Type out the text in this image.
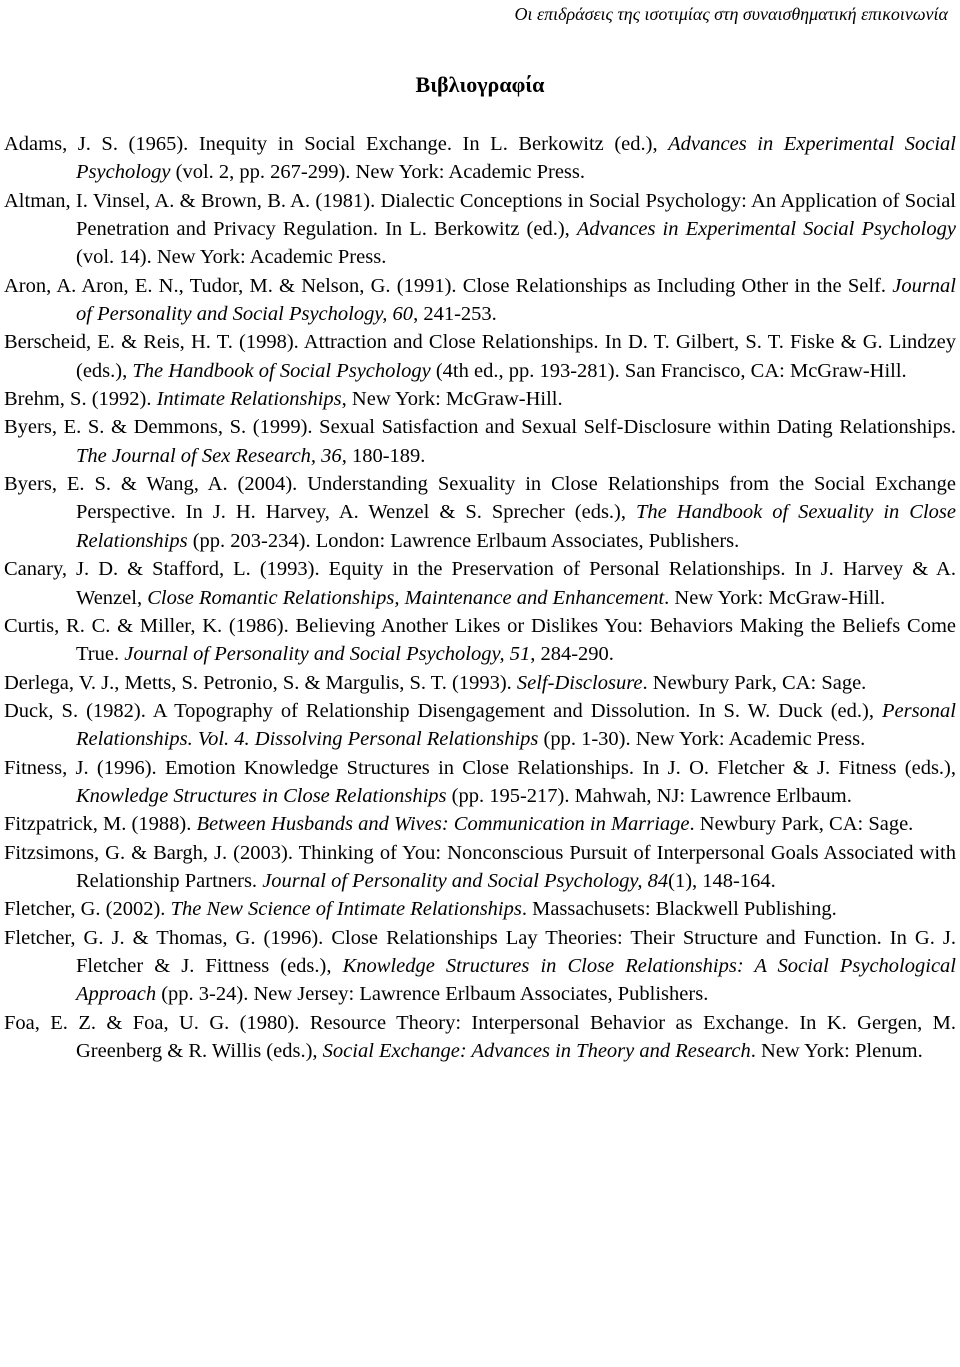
Οι επιδράσεις της ισοτιμίας στη συναισθηματική επικοινωνία
Βιβλιογραφία
Adams, J. S. (1965). Inequity in Social Exchange. In L. Berkowitz (ed.), Advances in Experimental Social Psychology (vol. 2, pp. 267-299). New York: Academic Press.
Altman, I. Vinsel, A. & Brown, B. A. (1981). Dialectic Conceptions in Social Psychology: An Application of Social Penetration and Privacy Regulation. In L. Berkowitz (ed.), Advances in Experimental Social Psychology (vol. 14). New York: Academic Press.
Aron, A. Aron, E. N., Tudor, M. & Nelson, G. (1991). Close Relationships as Including Other in the Self. Journal of Personality and Social Psychology, 60, 241-253.
Berscheid, E. & Reis, H. T. (1998). Attraction and Close Relationships. In D. T. Gilbert, S. T. Fiske & G. Lindzey (eds.), The Handbook of Social Psychology (4th ed., pp. 193-281). San Francisco, CA: McGraw-Hill.
Brehm, S. (1992). Intimate Relationships, New York: McGraw-Hill.
Byers, E. S. & Demmons, S. (1999). Sexual Satisfaction and Sexual Self-Disclosure within Dating Relationships. The Journal of Sex Research, 36, 180-189.
Byers, E. S. & Wang, A. (2004). Understanding Sexuality in Close Relationships from the Social Exchange Perspective. In J. H. Harvey, A. Wenzel & S. Sprecher (eds.), The Handbook of Sexuality in Close Relationships (pp. 203-234). London: Lawrence Erlbaum Associates, Publishers.
Canary, J. D. & Stafford, L. (1993). Equity in the Preservation of Personal Relationships. In J. Harvey & A. Wenzel, Close Romantic Relationships, Maintenance and Enhancement. New York: McGraw-Hill.
Curtis, R. C. & Miller, K. (1986). Believing Another Likes or Dislikes You: Behaviors Making the Beliefs Come True. Journal of Personality and Social Psychology, 51, 284-290.
Derlega, V. J., Metts, S. Petronio, S. & Margulis, S. T. (1993). Self-Disclosure. Newbury Park, CA: Sage.
Duck, S. (1982). A Topography of Relationship Disengagement and Dissolution. In S. W. Duck (ed.), Personal Relationships. Vol. 4. Dissolving Personal Relationships (pp. 1-30). New York: Academic Press.
Fitness, J. (1996). Emotion Knowledge Structures in Close Relationships. In J. O. Fletcher & J. Fitness (eds.), Knowledge Structures in Close Relationships (pp. 195-217). Mahwah, NJ: Lawrence Erlbaum.
Fitzpatrick, M. (1988). Between Husbands and Wives: Communication in Marriage. Newbury Park, CA: Sage.
Fitzsimons, G. & Bargh, J. (2003). Thinking of You: Nonconscious Pursuit of Interpersonal Goals Associated with Relationship Partners. Journal of Personality and Social Psychology, 84(1), 148-164.
Fletcher, G. (2002). The New Science of Intimate Relationships. Massachusets: Blackwell Publishing.
Fletcher, G. J. & Thomas, G. (1996). Close Relationships Lay Theories: Their Structure and Function. In G. J. Fletcher & J. Fittness (eds.), Knowledge Structures in Close Relationships: A Social Psychological Approach (pp. 3-24). New Jersey: Lawrence Erlbaum Associates, Publishers.
Foa, E. Z. & Foa, U. G. (1980). Resource Theory: Interpersonal Behavior as Exchange. In K. Gergen, M. Greenberg & R. Willis (eds.), Social Exchange: Advances in Theory and Research. New York: Plenum.
